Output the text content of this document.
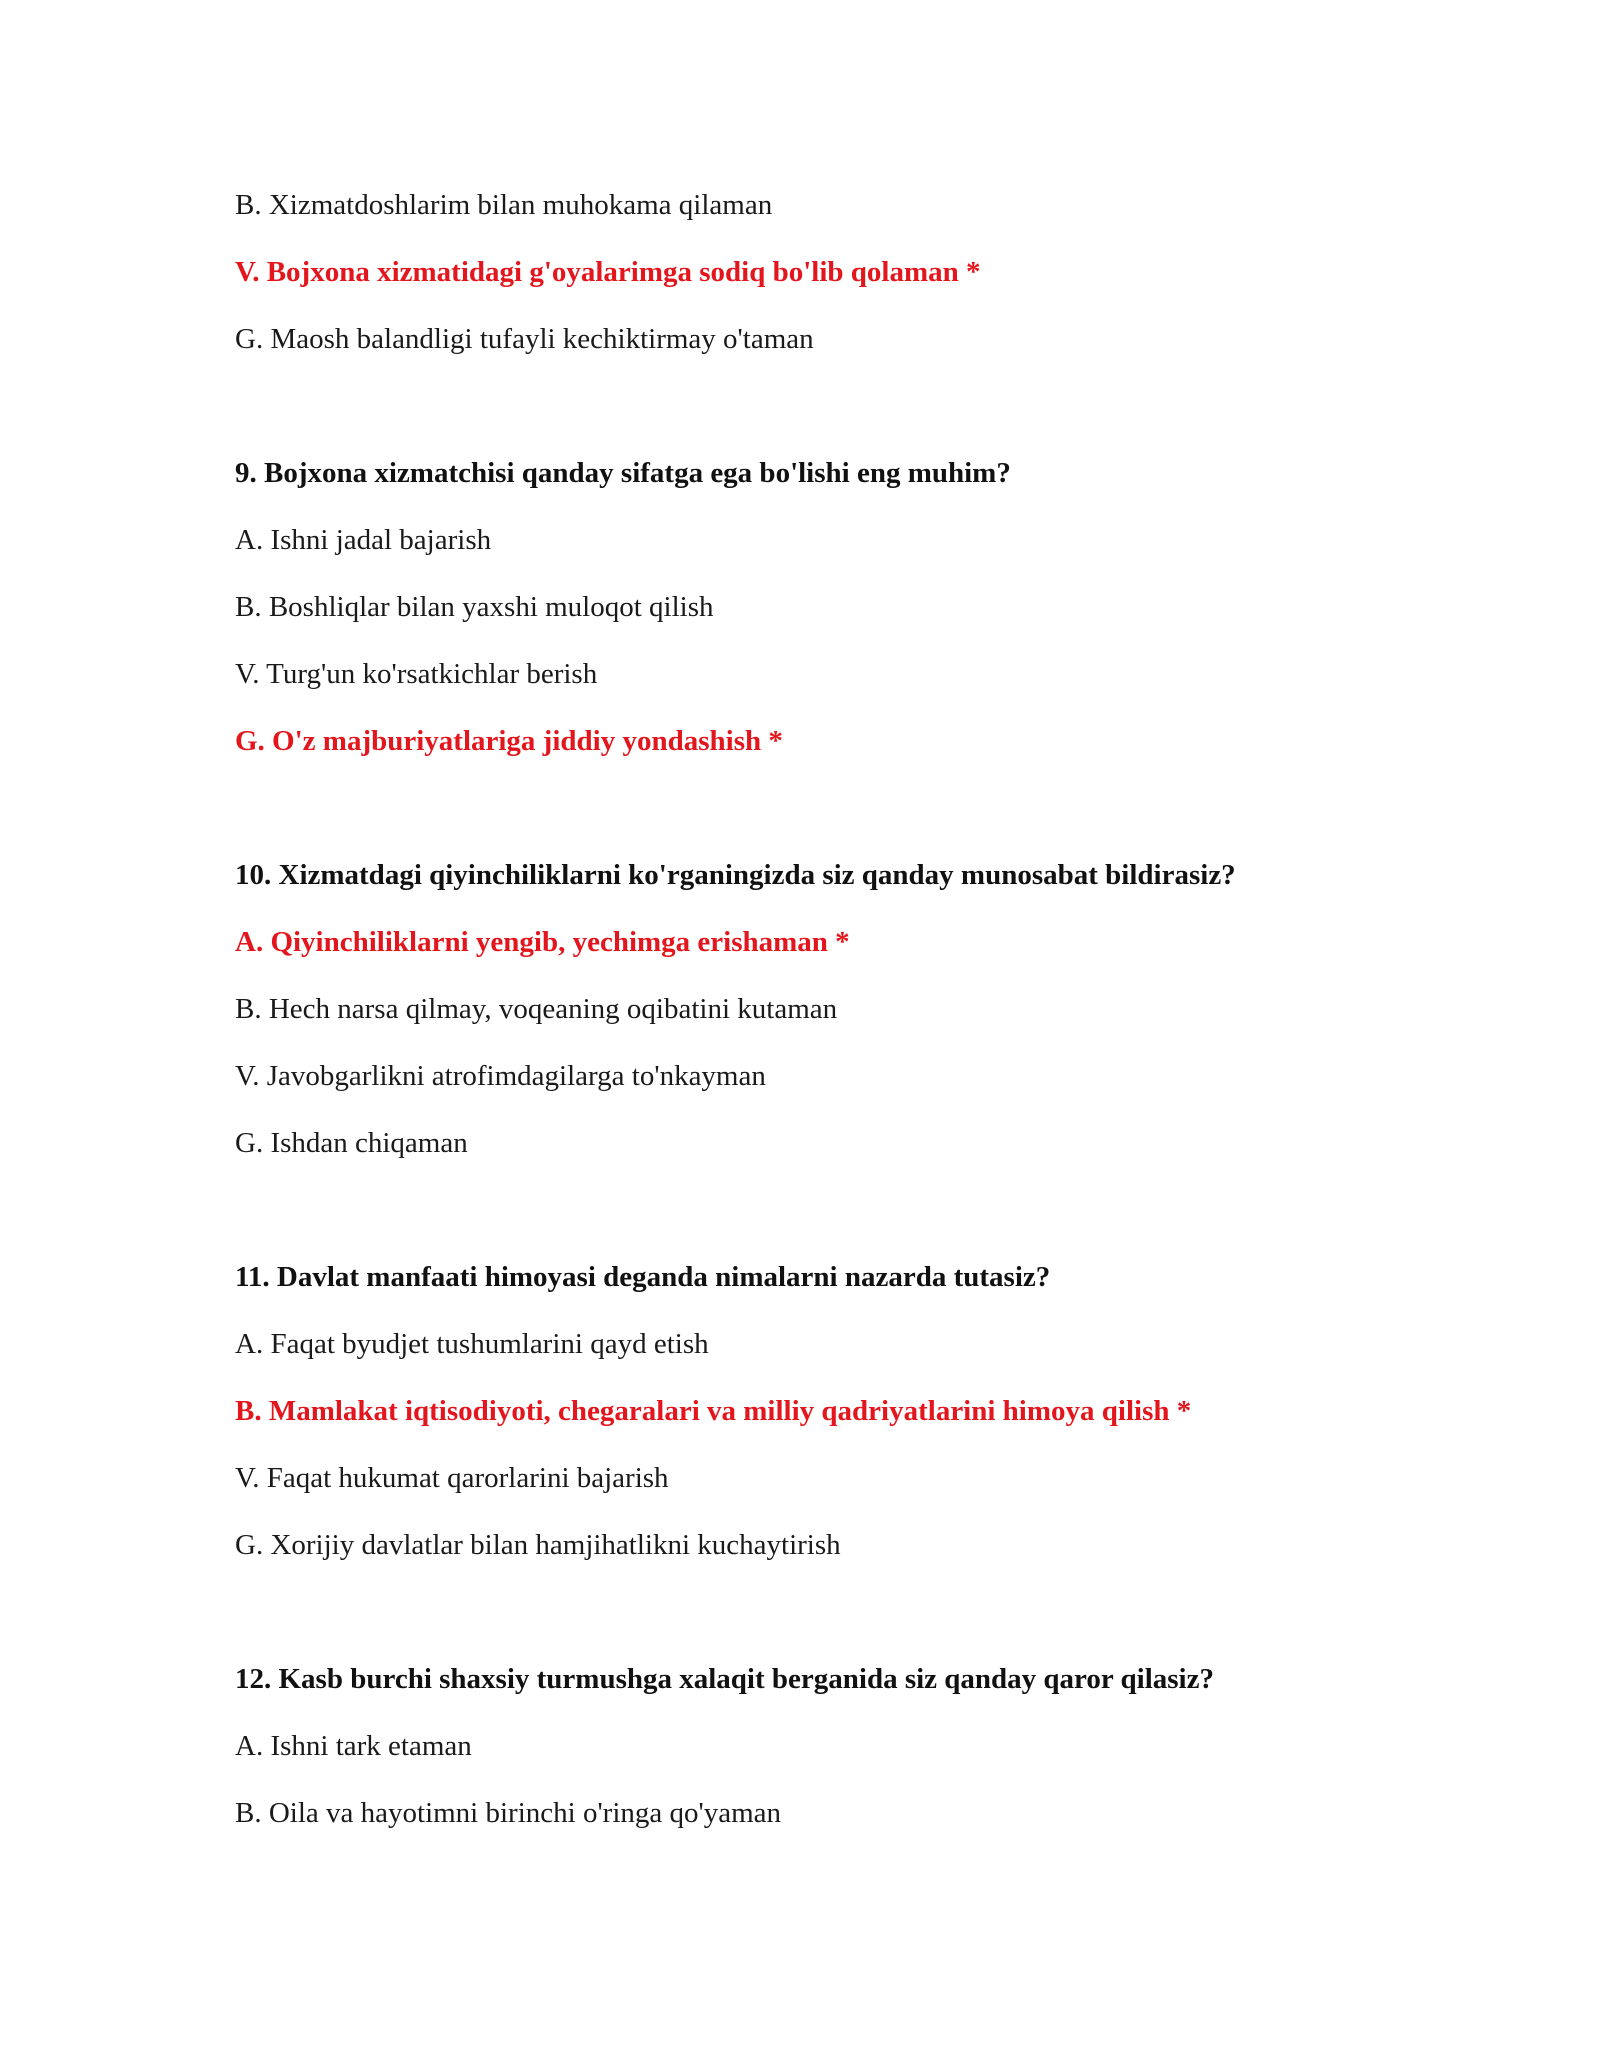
B. Xizmatdoshlarim bilan muhokama qilaman

V. Bojxona xizmatidagi g'oyalarimga sodiq bo'lib qolaman *

G. Maosh balandligi tufayli kechiktirmay o'taman

9. Bojxona xizmatchisi qanday sifatga ega bo'lishi eng muhim?

A. Ishni jadal bajarish

B. Boshliqlar bilan yaxshi muloqot qilish

V. Turg'un ko'rsatkichlar berish

G. O'z majburiyatlariga jiddiy yondashish *

10. Xizmatdagi qiyinchiliklarni ko'rganingizda siz qanday munosabat bildirasiz?

A. Qiyinchiliklarni yengib, yechimga erishaman *

B. Hech narsa qilmay, voqeaning oqibatini kutaman

V. Javobgarlikni atrofimdagilarga to'nkayman

G. Ishdan chiqaman

11. Davlat manfaati himoyasi deganda nimalarni nazarda tutasiz?

A. Faqat byudjet tushumlarini qayd etish

B. Mamlakat iqtisodiyoti, chegaralari va milliy qadriyatlarini himoya qilish *

V. Faqat hukumat qarorlarini bajarish

G. Xorijiy davlatlar bilan hamjihatlikni kuchaytirish

12. Kasb burchi shaxsiy turmushga xalaqit berganida siz qanday qaror qilasiz?

A. Ishni tark etaman

B. Oila va hayotimni birinchi o'ringa qo'yaman
